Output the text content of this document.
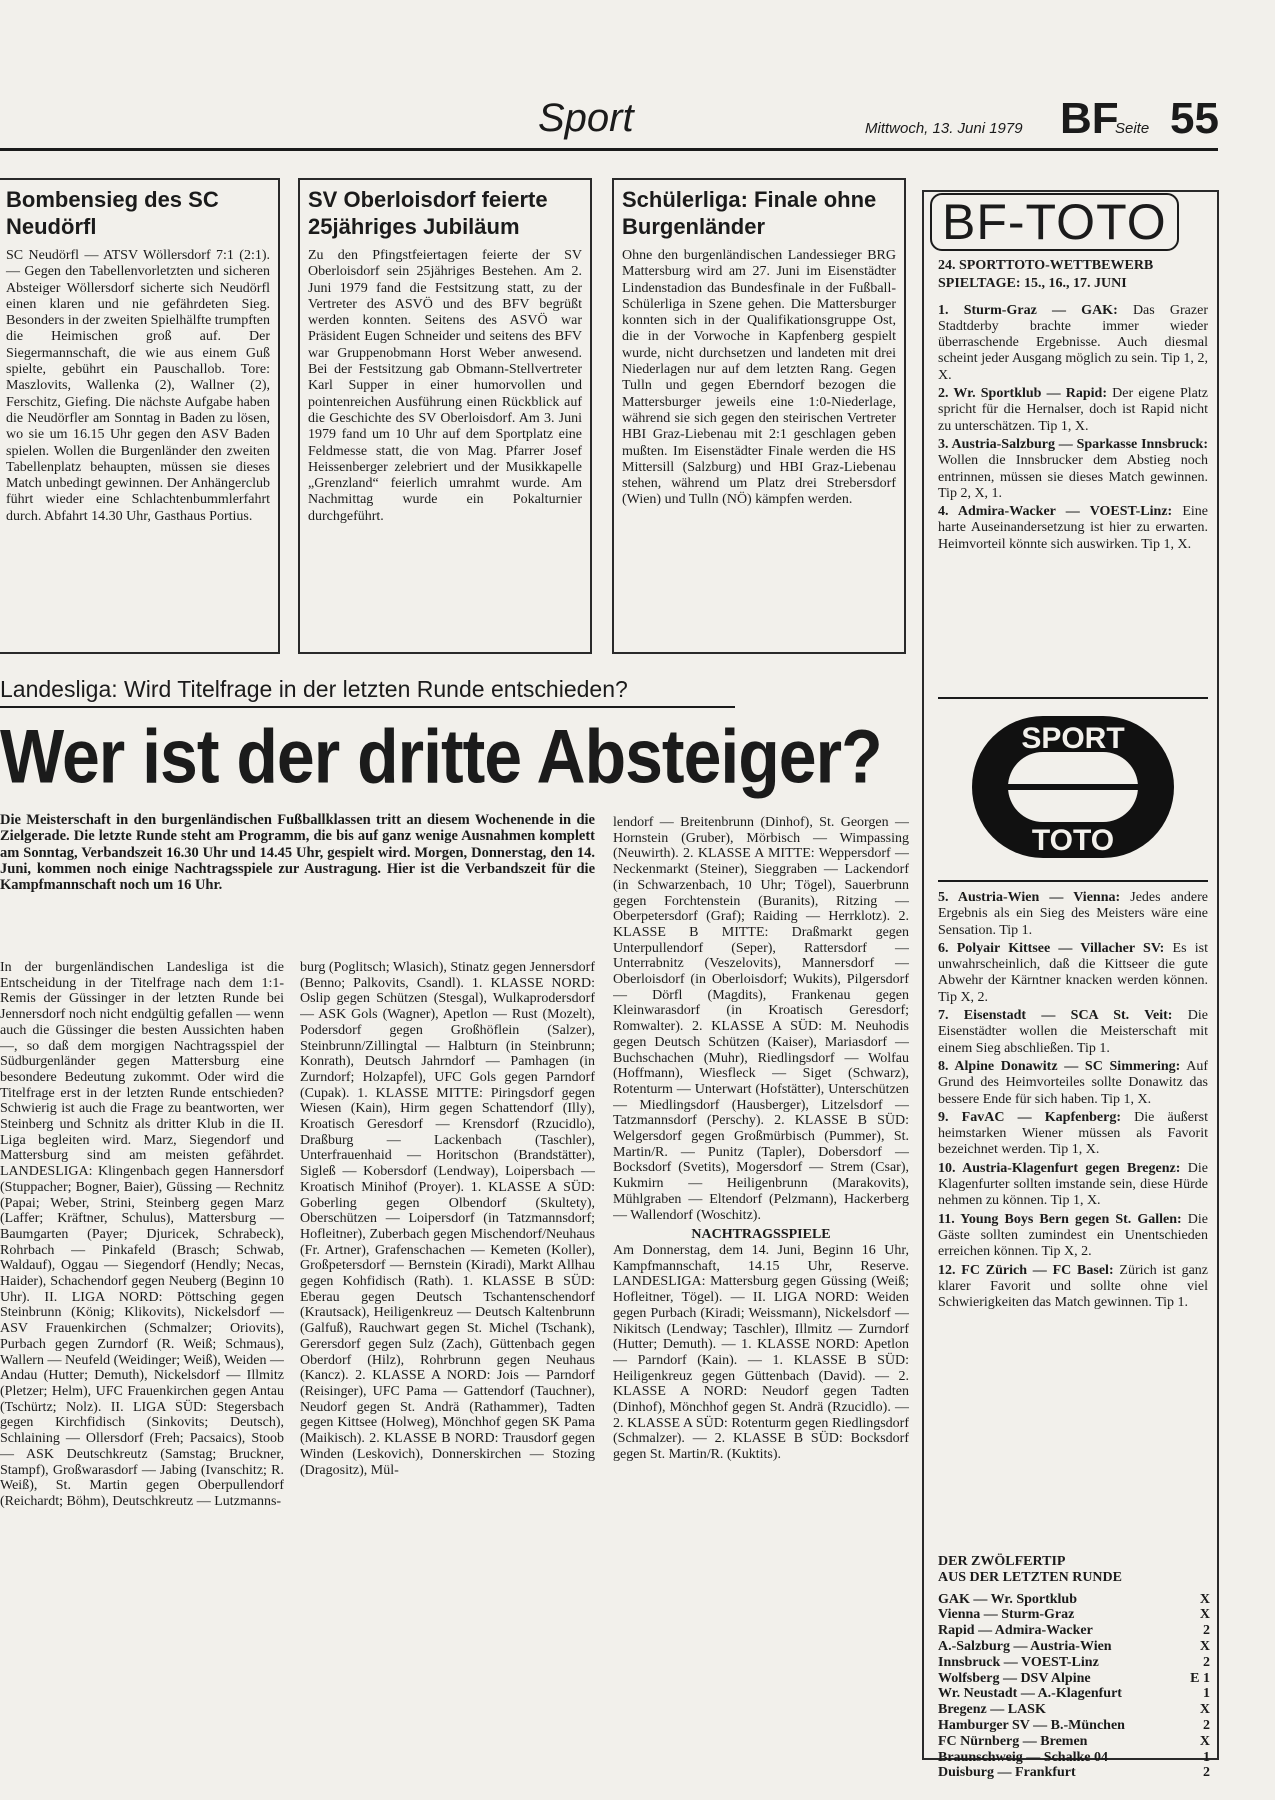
Sport	Mittwoch, 13. Juni 1979 BF
Seite 55
Bombensieg des SC Neudörfl

SC Neudörfl — ATSV Wöllersdorf 7:1 (2:1). — Gegen den Tabellenvorletzten und sicheren Absteiger Wöllersdorf sicherte sich Neudörfl einen klaren und nie gefährdeten Sieg. Besonders in der zweiten Spielhälfte trumpften die Heimischen groß auf. Der Siegermannschaft, die wie aus einem Guß spielte, gebührt ein Pauschallob. Tore: Maszlovits, Wallenka (2), Wallner (2), Ferschitz, Giefing. Die nächste Aufgabe haben die Neudörfler am Sonntag in Baden zu lösen, wo sie um 16.15 Uhr gegen den ASV Baden spielen. Wollen die Burgenländer den zweiten Tabellenplatz behaupten, müssen sie dieses Match unbedingt gewinnen. Der Anhängerclub führt wieder eine Schlachtenbummlerfahrt durch. Abfahrt 14.30 Uhr, Gasthaus Portius.

SV Oberloisdorf feierte 25jähriges Jubiläum

Zu den Pfingstfeiertagen feierte der SV Oberloisdorf sein 25jähriges Bestehen. Am 2. Juni 1979 fand die Festsitzung statt, zu der Vertreter des ASVÖ und des BFV begrüßt werden konnten. Seitens des ASVÖ war Präsident Eugen Schneider und seitens des BFV war Gruppenobmann Horst Weber anwesend. Bei der Festsitzung gab Obmann-Stellvertreter Karl Supper in einer humorvollen und pointenreichen Ausführung einen Rückblick auf die Geschichte des SV Oberloisdorf. Am 3. Juni 1979 fand um 10 Uhr auf dem Sportplatz eine Feldmesse statt, die von Mag. Pfarrer Josef Heissenberger zelebriert und der Musikkapelle „Grenzland“ feierlich umrahmt wurde. Am Nachmittag wurde ein Pokalturnier durchgeführt.

Schülerliga: Finale ohne Burgenländer

Ohne den burgenländischen Landessieger BRG Mattersburg wird am 27. Juni im Eisenstädter Lindenstadion das Bundesfinale in der Fußball-Schülerliga in Szene gehen. Die Mattersburger konnten sich in der Qualifikationsgruppe Ost, die in der Vorwoche in Kapfenberg gespielt wurde, nicht durchsetzen und landeten mit drei Niederlagen nur auf dem letzten Rang. Gegen Tulln und gegen Eberndorf bezogen die Mattersburger jeweils eine 1:0-Niederlage, während sie sich gegen den steirischen Vertreter HBI Graz-Liebenau mit 2:1 geschlagen geben mußten. Im Eisenstädter Finale werden die HS Mittersill (Salzburg) und HBI Graz-Liebenau stehen, während um Platz drei Strebersdorf (Wien) und Tulln (NÖ) kämpfen werden.

Landesliga: Wird Titelfrage in der letzten Runde entschieden?
Wer ist der dritte Absteiger?
Die Meisterschaft in den burgenländischen Fußballklassen tritt an diesem Wochenende in die Zielgerade. Die letzte Runde steht am Programm, die bis auf ganz wenige Ausnahmen komplett am Sonntag, Verbandszeit 16.30 Uhr und 14.45 Uhr, gespielt wird. Morgen, Donnerstag, den 14. Juni, kommen noch einige Nachtragsspiele zur Austragung. Hier ist die Verbandszeit für die Kampfmannschaft noch um 16 Uhr.

In der burgenländischen Landesliga ist die Entscheidung in der Titelfrage nach dem 1:1-Remis der Güssinger in der letzten Runde bei Jennersdorf noch nicht endgültig gefallen — wenn auch die Güssinger die besten Aussichten haben —, so daß dem morgigen Nachtragsspiel der Südburgenländer gegen Mattersburg eine besondere Bedeutung zukommt. Oder wird die Titelfrage erst in der letzten Runde entschieden? Schwierig ist auch die Frage zu beantworten, wer Steinberg und Schnitz als dritter Klub in die II. Liga begleiten wird. Marz, Siegendorf und Mattersburg sind am meisten gefährdet. LANDESLIGA: Klingenbach gegen Hannersdorf (Stuppacher; Bogner, Baier), Güssing — Rechnitz (Papai; Weber, Strini, Steinberg gegen Marz (Laffer; Kräftner, Schulus), Mattersburg — Baumgarten (Payer; Djuricek, Schrabeck), Rohrbach — Pinkafeld (Brasch; Schwab, Waldauf), Oggau — Siegendorf (Hendly; Necas, Haider), Schachendorf gegen Neuberg (Beginn 10 Uhr). II. LIGA NORD: Pöttsching gegen Steinbrunn (König; Klikovits), Nickelsdorf — ASV Frauenkirchen (Schmalzer; Oriovits), Purbach gegen Zurndorf (R. Weiß; Schmaus), Wallern — Neufeld (Weidinger; Weiß), Weiden — Andau (Hutter; Demuth), Nickelsdorf — Illmitz (Pletzer; Helm), UFC Frauenkirchen gegen Antau (Tschürtz; Nolz). II. LIGA SÜD: Stegersbach gegen Kirchfidisch (Sinkovits; Deutsch), Schlaining — Ollersdorf (Freh; Pacsaics), Stoob — ASK Deutschkreutz (Samstag; Bruckner, Stampf), Großwarasdorf — Jabing (Ivanschitz; R. Weiß), St. Martin gegen Oberpullendorf (Reichardt; Böhm), Deutschkreutz — Lutzmanns-

burg (Poglitsch; Wlasich), Stinatz gegen Jennersdorf (Benno; Palkovits, Csandl). 1. KLASSE NORD: Oslip gegen Schützen (Stesgal), Wulkaprodersdorf — ASK Gols (Wagner), Apetlon — Rust (Mozelt), Podersdorf gegen Großhöflein (Salzer), Steinbrunn/Zillingtal — Halbturn (in Steinbrunn; Konrath), Deutsch Jahrndorf — Pamhagen (in Zurndorf; Holzapfel), UFC Gols gegen Parndorf (Cupak). 1. KLASSE MITTE: Piringsdorf gegen Wiesen (Kain), Hirm gegen Schattendorf (Illy), Kroatisch Geresdorf — Krensdorf (Rzucidlo), Draßburg — Lackenbach (Taschler), Unterfrauenhaid — Horitschon (Brandstätter), Sigleß — Kobersdorf (Lendway), Loipersbach — Kroatisch Minihof (Proyer). 1. KLASSE A SÜD: Goberling gegen Olbendorf (Skultety), Oberschützen — Loipersdorf (in Tatzmannsdorf; Hofleitner), Zuberbach gegen Mischendorf/Neuhaus (Fr. Artner), Grafenschachen — Kemeten (Koller), Großpetersdorf — Bernstein (Kiradi), Markt Allhau gegen Kohfidisch (Rath). 1. KLASSE B SÜD: Eberau gegen Deutsch Tschantenschendorf (Krautsack), Heiligenkreuz — Deutsch Kaltenbrunn (Galfuß), Rauchwart gegen St. Michel (Tschank), Gerersdorf gegen Sulz (Zach), Güttenbach gegen Oberdorf (Hilz), Rohrbrunn gegen Neuhaus (Kancz). 2. KLASSE A NORD: Jois — Parndorf (Reisinger), UFC Pama — Gattendorf (Tauchner), Neudorf gegen St. Andrä (Rathammer), Tadten gegen Kittsee (Holweg), Mönchhof gegen SK Pama (Maikisch). 2. KLASSE B NORD: Trausdorf gegen Winden (Leskovich), Donnerskirchen — Stozing (Dragositz), Mül-

lendorf — Breitenbrunn (Dinhof), St. Georgen — Hornstein (Gruber), Mörbisch — Wimpassing (Neuwirth). 2. KLASSE A MITTE: Weppersdorf — Neckenmarkt (Steiner), Sieggraben — Lackendorf (in Schwarzenbach, 10 Uhr; Tögel), Sauerbrunn gegen Forchtenstein (Buranits), Ritzing — Oberpetersdorf (Graf); Raiding — Herrklotz). 2. KLASSE B MITTE: Draßmarkt gegen Unterpullendorf (Seper), Rattersdorf — Unterrabnitz (Veszelovits), Mannersdorf — Oberloisdorf (in Oberloisdorf; Wukits), Pilgersdorf — Dörfl (Magdits), Frankenau gegen Kleinwarasdorf (in Kroatisch Geresdorf; Romwalter). 2. KLASSE A SÜD: M. Neuhodis gegen Deutsch Schützen (Kaiser), Mariasdorf — Buchschachen (Muhr), Riedlingsdorf — Wolfau (Hoffmann), Wiesfleck — Siget (Schwarz), Rotenturm — Unterwart (Hofstätter), Unterschützen — Miedlingsdorf (Hausberger), Litzelsdorf — Tatzmannsdorf (Perschy). 2. KLASSE B SÜD: Welgersdorf gegen Großmürbisch (Pummer), St. Martin/R. — Punitz (Tapler), Dobersdorf — Bocksdorf (Svetits), Mogersdorf — Strem (Csar), Kukmirn — Heiligenbrunn (Marakovits), Mühlgraben — Eltendorf (Pelzmann), Hackerberg — Wallendorf (Woschitz).

NACHTRAGSSPIELE

Am Donnerstag, dem 14. Juni, Beginn 16 Uhr, Kampfmannschaft, 14.15 Uhr, Reserve. LANDESLIGA: Mattersburg gegen Güssing (Weiß; Hofleitner, Tögel). — II. LIGA NORD: Weiden gegen Purbach (Kiradi; Weissmann), Nickelsdorf — Nikitsch (Lendway; Taschler), Illmitz — Zurndorf (Hutter; Demuth). — 1. KLASSE NORD: Apetlon — Parndorf (Kain). — 1. KLASSE B SÜD: Heiligenkreuz gegen Güttenbach (David). — 2. KLASSE A NORD: Neudorf gegen Tadten (Dinhof), Mönchhof gegen St. Andrä (Rzucidlo). — 2. KLASSE A SÜD: Rotenturm gegen Riedlingsdorf (Schmalzer). — 2. KLASSE B SÜD: Bocksdorf gegen St. Martin/R. (Kuktits).

BF-TOTO

24. SPORTTOTO-WETTBEWERB

SPIELTAGE: 15., 16., 17. JUNI

1. Sturm-Graz — GAK: Das Grazer Stadtderby brachte immer wieder überraschende Ergebnisse. Auch diesmal scheint jeder Ausgang möglich zu sein. Tip 1, 2, X.

2. Wr. Sportklub — Rapid: Der eigene Platz spricht für die Hernalser, doch ist Rapid nicht zu unterschätzen. Tip 1, X.

3. Austria-Salzburg — Sparkasse Innsbruck: Wollen die Innsbrucker dem Abstieg noch entrinnen, müssen sie dieses Match gewinnen. Tip 2, X, 1.

4. Admira-Wacker — VOEST-Linz: Eine harte Auseinandersetzung ist hier zu erwarten. Heimvorteil könnte sich auswirken. Tip 1, X.

SPORT
TOTO

5. Austria-Wien — Vienna: Jedes andere Ergebnis als ein Sieg des Meisters wäre eine Sensation. Tip 1.

6. Polyair Kittsee — Villacher SV: Es ist unwahrscheinlich, daß die Kittseer die gute Abwehr der Kärntner knacken werden können. Tip X, 2.

7. Eisenstadt — SCA St. Veit: Die Eisenstädter wollen die Meisterschaft mit einem Sieg abschließen. Tip 1.

8. Alpine Donawitz — SC Simmering: Auf Grund des Heimvorteiles sollte Donawitz das bessere Ende für sich haben. Tip 1, X.

9. FavAC — Kapfenberg: Die äußerst heimstarken Wiener müssen als Favorit bezeichnet werden. Tip 1, X.

10. Austria-Klagenfurt gegen Bregenz: Die Klagenfurter sollten imstande sein, diese Hürde nehmen zu können. Tip 1, X.

11. Young Boys Bern gegen St. Gallen: Die Gäste sollten zumindest ein Unentschieden erreichen können. Tip X, 2.

12. FC Zürich — FC Basel: Zürich ist ganz klarer Favorit und sollte ohne viel Schwierigkeiten das Match gewinnen. Tip 1.

DER ZWÖLFERTIP
AUS DER LETZTEN RUNDE
GAK — Wr. Sportklub	X
Vienna — Sturm-Graz	X
Rapid — Admira-Wacker	2
A.-Salzburg — Austria-Wien	X
Innsbruck — VOEST-Linz	2
Wolfsberg — DSV Alpine	E 1
Wr. Neustadt — A.-Klagenfurt	1
Bregenz — LASK	X
Hamburger SV — B.-München	2
FC Nürnberg — Bremen	X
Braunschweig — Schalke 04	1
Duisburg — Frankfurt	2
